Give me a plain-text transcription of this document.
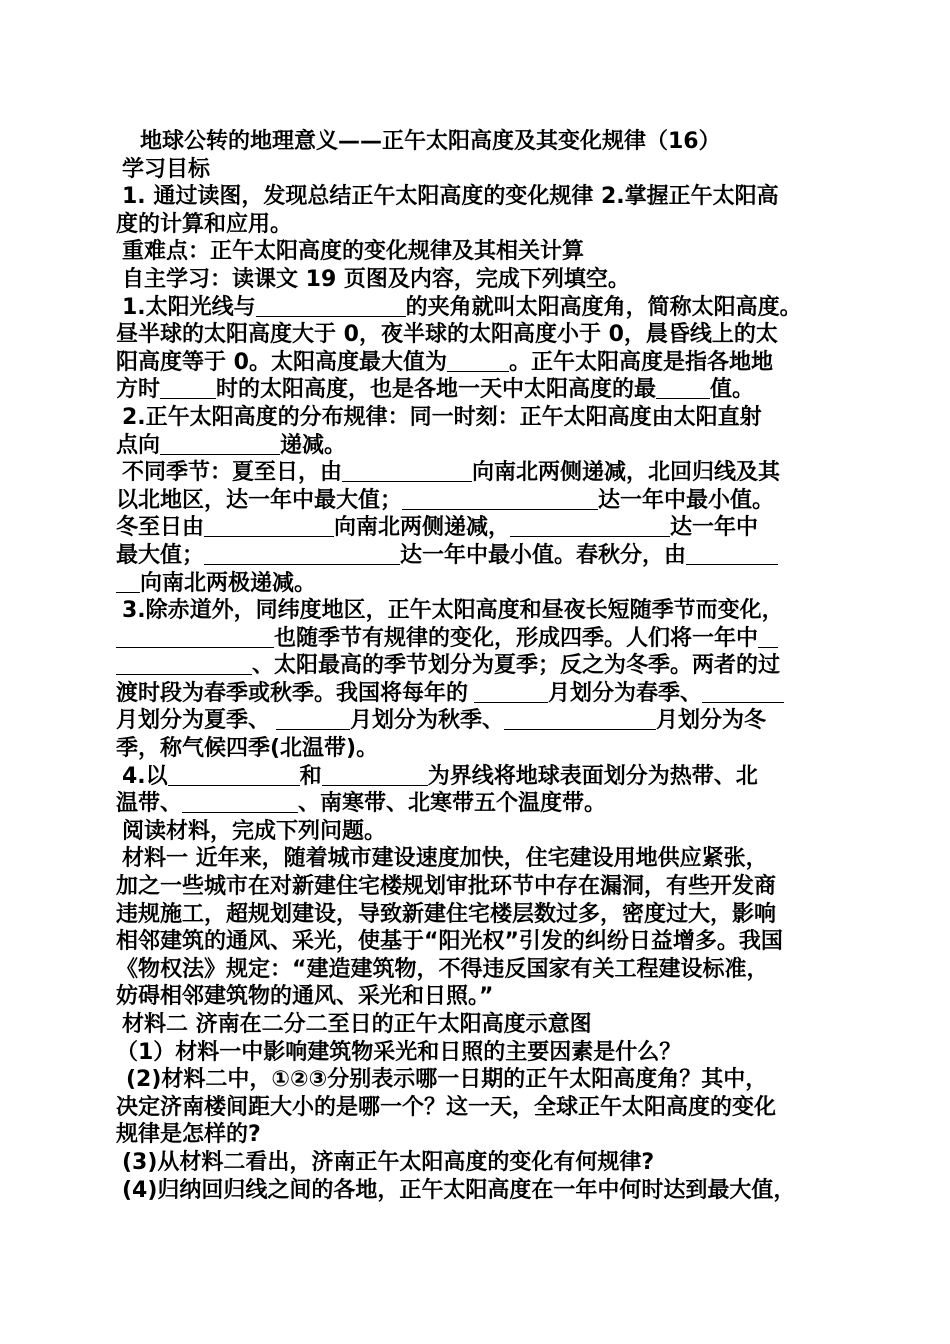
地球公转的地理意义——正午太阳高度及其变化规律（16）
学习目标
1. 通过读图，发现总结正午太阳高度的变化规律 2.掌握正午太阳高
度的计算和应用。
重难点：正午太阳高度的变化规律及其相关计算
自主学习：读课文 19 页图及内容，完成下列填空。
1.太阳光线与	的夹角就叫太阳高度角，简称太阳高度。
昼半球的太阳高度大于 0，夜半球的太阳高度小于 0，晨昏线上的太
阳高度等于 0。太阳高度最大值为	。正午太阳高度是指各地地
方时	时的太阳高度，也是各地一天中太阳高度的最 值。
2.正午太阳高度的分布规律：同一时刻：正午太阳高度由太阳直射
点向	递减。
不同季节：夏至日，由	向南北两侧递减，北回归线及其
以北地区，达一年中最大值；	达一年中最小值。
冬至日由	向南北两侧递减，	达一年中
最大值；	达一年中最小值。春秋分，由
向南北两极递减。
3.除赤道外，同纬度地区，正午太阳高度和昼夜长短随季节而变化，
也随季节有规律的变化，形成四季。人们将一年中
、太阳最高的季节划分为夏季；反之为冬季。两者的过
渡时段为春季或秋季。我国将每年的	月划分为春季、
月划分为夏季、	月划分为秋季、	月划分为冬
季，称气候四季(北温带)。
4.以	和	为界线将地球表面划分为热带、北
温带、	、南寒带、北寒带五个温度带。
阅读材料，完成下列问题。
材料一 近年来，随着城市建设速度加快，住宅建设用地供应紧张，
加之一些城市在对新建住宅楼规划审批环节中存在漏洞，有些开发商
违规施工，超规划建设，导致新建住宅楼层数过多，密度过大，影响
相邻建筑的通风、采光，使基于“阳光权”引发的纠纷日益增多。我国
《物权法》规定：“建造建筑物，不得违反国家有关工程建设标准，
妨碍相邻建筑物的通风、采光和日照。”
材料二 济南在二分二至日的正午太阳高度示意图
（1）材料一中影响建筑物采光和日照的主要因素是什么？
(2)材料二中，①②③分别表示哪一日期的正午太阳高度角？其中，
决定济南楼间距大小的是哪一个？这一天，全球正午太阳高度的变化
规律是怎样的?
(3)从材料二看出，济南正午太阳高度的变化有何规律?
(4)归纳回归线之间的各地，正午太阳高度在一年中何时达到最大值，
